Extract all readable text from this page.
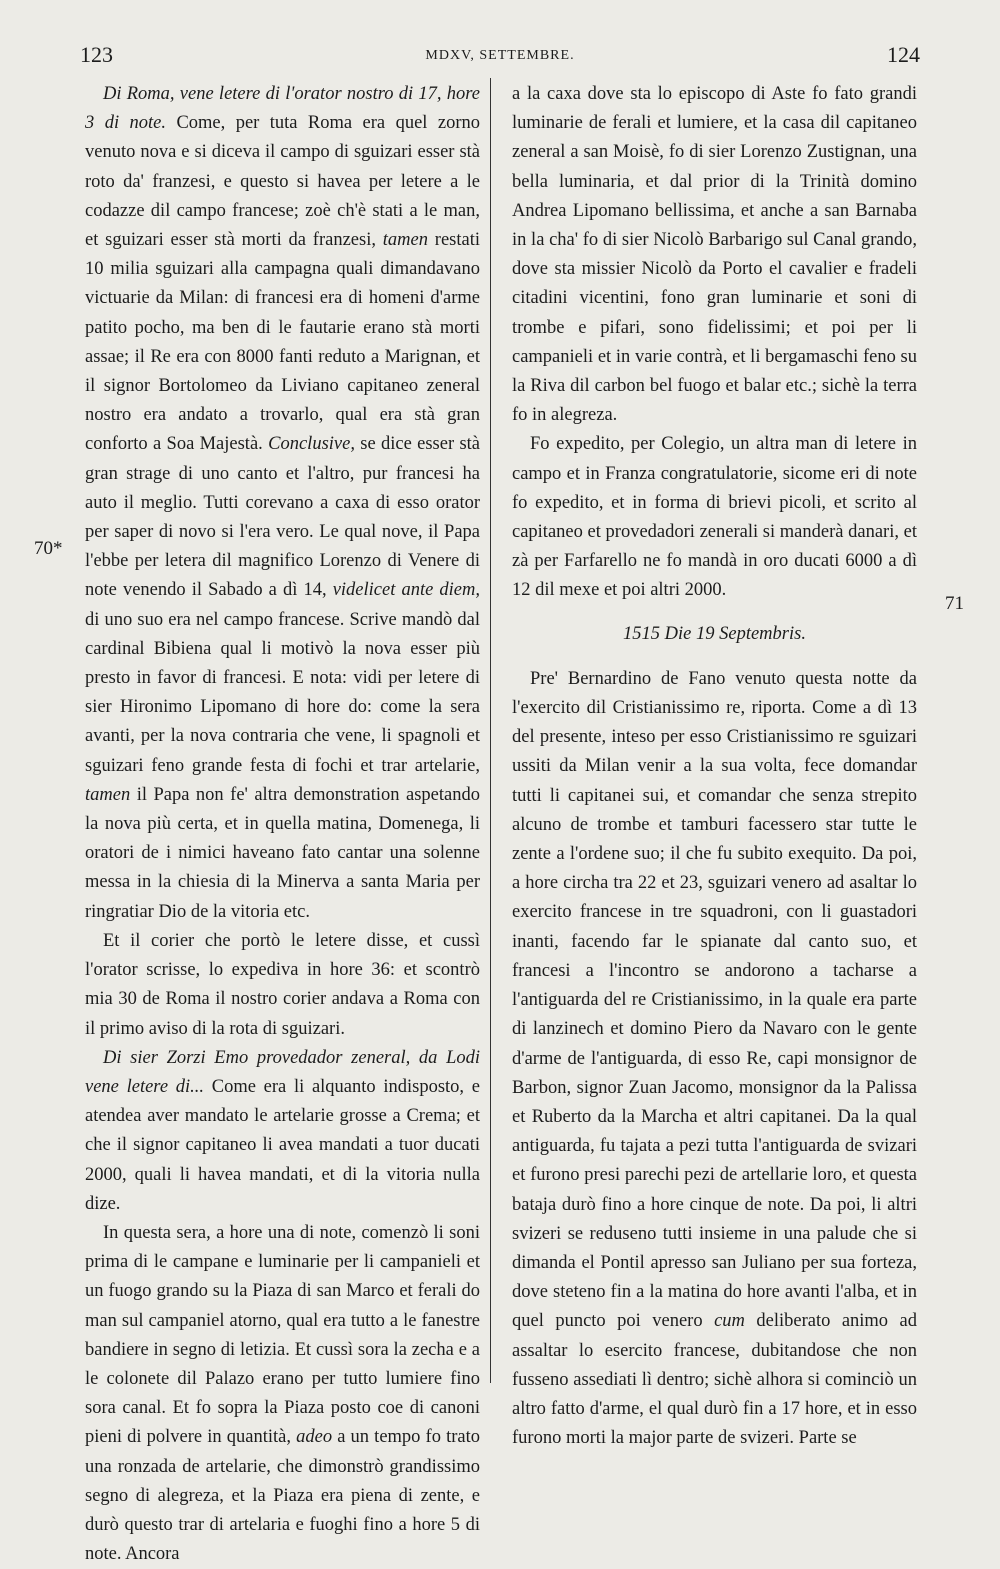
123	MDXV, SETTEMBRE.	124
70*
71

Di Roma, vene letere di l'orator nostro di 17, hore 3 di note. Come, per tuta Roma era quel zorno venuto nova e si diceva il campo di sguizari esser stà roto da' franzesi, e questo si havea per letere a le codazze dil campo francese; zoè ch'è stati a le man, et sguizari esser stà morti da franzesi, tamen restati 10 milia sguizari alla campagna quali dimandavano victuarie da Milan: di francesi era di homeni d'arme patito pocho, ma ben di le fautarie erano stà morti assae; il Re era con 8000 fanti reduto a Marignan, et il signor Bortolomeo da Liviano capitaneo zeneral nostro era andato a trovarlo, qual era stà gran conforto a Soa Majestà. Conclusive, se dice esser stà gran strage di uno canto et l'altro, pur francesi ha auto il meglio. Tutti corevano a caxa di esso orator per saper di novo si l'era vero. Le qual nove, il Papa l'ebbe per letera dil magnifico Lorenzo di Venere di note venendo il Sabado a dì 14, videlicet ante diem, di uno suo era nel campo francese. Scrive mandò dal cardinal Bibiena qual li motivò la nova esser più presto in favor di francesi. E nota: vidi per letere di sier Hironimo Lipomano di hore do: come la sera avanti, per la nova contraria che vene, li spagnoli et sguizari feno grande festa di fochi et trar artelarie, tamen il Papa non fe' altra demonstration aspetando la nova più certa, et in quella matina, Domenega, li oratori de i nimici haveano fato cantar una solenne messa in la chiesia di la Minerva a santa Maria per ringratiar Dio de la vitoria etc.

Et il corier che portò le letere disse, et cussì l'orator scrisse, lo expediva in hore 36: et scontrò mia 30 de Roma il nostro corier andava a Roma con il primo aviso di la rota di sguizari.

Di sier Zorzi Emo provedador zeneral, da Lodi vene letere di... Come era li alquanto indisposto, e atendea aver mandato le artelarie grosse a Crema; et che il signor capitaneo li avea mandati a tuor ducati 2000, quali li havea mandati, et di la vitoria nulla dize.

In questa sera, a hore una di note, comenzò li soni prima di le campane e luminarie per li campanieli et un fuogo grando su la Piaza di san Marco et ferali do man sul campaniel atorno, qual era tutto a le fanestre bandiere in segno di letizia. Et cussì sora la zecha e a le colonete dil Palazo erano per tutto lumiere fino sora canal. Et fo sopra la Piaza posto coe di canoni pieni di polvere in quantità, adeo a un tempo fo trato una ronzada de artelarie, che dimonstrò grandissimo segno di alegreza, et la Piaza era piena di zente, e durò questo trar di artelaria e fuoghi fino a hore 5 di note. Ancora

a la caxa dove sta lo episcopo di Aste fo fato grandi luminarie de ferali et lumiere, et la casa dil capitaneo zeneral a san Moisè, fo di sier Lorenzo Zustignan, una bella luminaria, et dal prior di la Trinità domino Andrea Lipomano bellissima, et anche a san Barnaba in la cha' fo di sier Nicolò Barbarigo sul Canal grando, dove sta missier Nicolò da Porto el cavalier e fradeli citadini vicentini, fono gran luminarie et soni di trombe e pifari, sono fidelissimi; et poi per li campanieli et in varie contrà, et li bergamaschi feno su la Riva dil carbon bel fuogo et balar etc.; sichè la terra fo in alegreza.

Fo expedito, per Colegio, un altra man di letere in campo et in Franza congratulatorie, sicome eri di note fo expedito, et in forma di brievi picoli, et scrito al capitaneo et provedadori zenerali si manderà danari, et zà per Farfarello ne fo mandà in oro ducati 6000 a dì 12 dil mexe et poi altri 2000.

1515 Die 19 Septembris.

Pre' Bernardino de Fano venuto questa notte da l'exercito dil Cristianissimo re, riporta. Come a dì 13 del presente, inteso per esso Cristianissimo re sguizari ussiti da Milan venir a la sua volta, fece domandar tutti li capitanei sui, et comandar che senza strepito alcuno de trombe et tamburi facessero star tutte le zente a l'ordene suo; il che fu subito exequito. Da poi, a hore circha tra 22 et 23, sguizari venero ad asaltar lo exercito francese in tre squadroni, con li guastadori inanti, facendo far le spianate dal canto suo, et francesi a l'incontro se andorono a tacharse a l'antiguarda del re Cristianissimo, in la quale era parte di lanzinech et domino Piero da Navaro con le gente d'arme de l'antiguarda, di esso Re, capi monsignor de Barbon, signor Zuan Jacomo, monsignor da la Palissa et Ruberto da la Marcha et altri capitanei. Da la qual antiguarda, fu tajata a pezi tutta l'antiguarda de svizari et furono presi parechi pezi de artellarie loro, et questa bataja durò fino a hore cinque de note. Da poi, li altri svizeri se reduseno tutti insieme in una palude che si dimanda el Pontil apresso san Juliano per sua forteza, dove steteno fin a la matina do hore avanti l'alba, et in quel puncto poi venero cum deliberato animo ad assaltar lo esercito francese, dubitandose che non fusseno assediati lì dentro; sichè alhora si cominciò un altro fatto d'arme, el qual durò fin a 17 hore, et in esso furono morti la major parte de svizeri. Parte se
